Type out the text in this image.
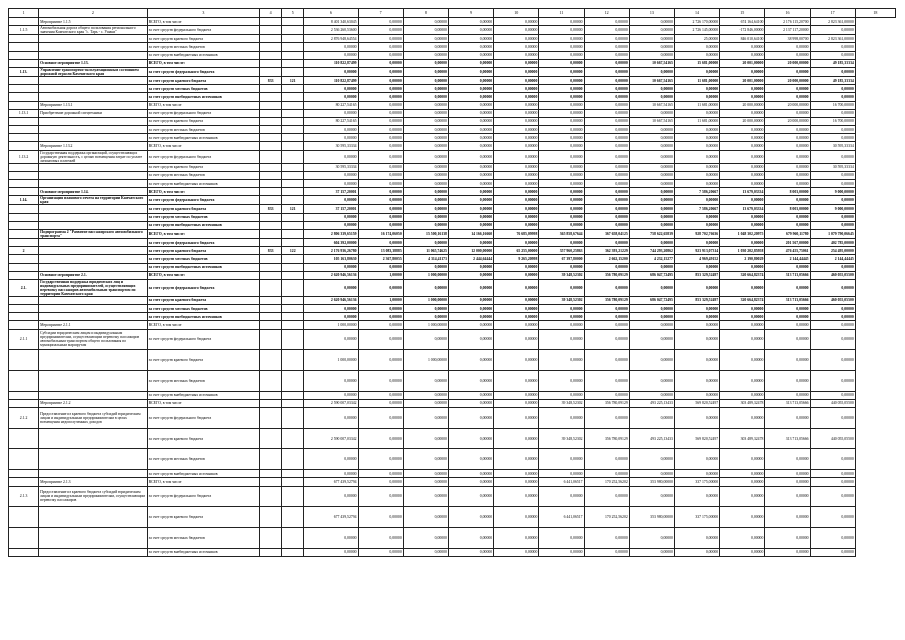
1	2	3	4	5	6	7	8	9	10	11	12	13	14	15	16	17	18
	Мероприятие 1.1.5	ВСЕГО, в том числе			8 401 340,63045	0,00000	0,00000	0,00000	0,00000	0,00000	0,00000	0,00000	2 726 170,00000	674 164,64100	2 176 115,20700	2 823 361,00000	
1.1.5	Автомобильная дорога общего пользования регионального значения Камчатского края "с. Тарь - с. Ушаки"	за счет средств федерального бюджета			2 536 260,53600	0,00000	0,00000	0,00000	0,00000	0,00000	0,00000	0,00000	2 726 145,00000	-172 846,00000	2 137 117,20000	0,00000	
		за счет средств краевого бюджета			2 876 948,64554	0,00000	0,00000	0,00000	0,00000	0,00000	0,00000	0,00000	25,00000	846 010,64100	38 998,00700	2 823 361,00000	
		за счет средств местных бюджетов			0,00000	0,00000	0,00000	0,00000	0,00000	0,00000	0,00000	0,00000	0,00000	0,00000	0,00000	0,00000	
		за счет средств внебюджетных источников			0,00000	0,00000	0,00000	0,00000	0,00000	0,00000	0,00000	0,00000	0,00000	0,00000	0,00000	0,00000	
	Основное мероприятие 1.13.	ВСЕГО, в том числе:			110 822,87499	0,00000	0,00000	0,00000	0,00000	0,00000	0,00000	10 667,54165	15 681,00000	20 001,00000	20 000,00000	49 185,33334	
1.13.	Управление транспортно-эксплуатационным состоянием дорожной отрасли Камчатского края	за счет средств федерального бюджета			0,00000	0,00000	0,00000	0,00000	0,00000	0,00000	0,00000	0,00000	0,00000	0,00000	0,00000	0,00000	
		за счет средств краевого бюджета	833	121	110 822,87499	0,00000	0,00000	0,00000	0,00000	0,00000	0,00000	10 667,54165	11 681,00000	20 001,00000	20 000,00000	49 185,33334	
		за счет средств местных бюджетов			0,00000	0,00000	0,00000	0,00000	0,00000	0,00000	0,00000	0,00000	0,00000	0,00000	0,00000	0,00000	
		за счет средств внебюджетных источников			0,00000	0,00000	0,00000	0,00000	0,00000	0,00000	0,00000	0,00000	0,00000	0,00000	0,00000	0,00000	
	Мероприятие 1.13.1	ВСЕГО, в том числе			80 227,54165	0,00000	0,00000	0,00000	0,00000	0,00000	0,00000	10 667,54165	11 681,00000	20 000,00000	20 000,00000	16 700,00000	
1.13.1	Приобретение дорожной спецтехники	за счет средств федерального бюджета			0,00000	0,00000	0,00000	0,00000	0,00000	0,00000	0,00000	0,00000	0,00000	0,00000	0,00000	0,00000	
		за счет средств краевого бюджета			80 227,54165	0,00000	0,00000	0,00000	0,00000	0,00000	0,00000	10 667,54165	11 681,00000	20 000,00000	20 000,00000	16 700,00000	
		за счет средств местных бюджетов			0,00000	0,00000	0,00000	0,00000	0,00000	0,00000	0,00000	0,00000	0,00000	0,00000	0,00000	0,00000	
		за счет средств внебюджетных источников			0,00000	0,00000	0,00000	0,00000	0,00000	0,00000	0,00000	0,00000	0,00000	0,00000	0,00000	0,00000	
	Мероприятие 1.13.2	ВСЕГО, в том числе			30 595,33334	0,00000	0,00000	0,00000	0,00000	0,00000	0,00000	0,00000	0,00000	0,00000	0,00000	30 595,33334	
1.13.2	Государственная поддержка организаций, осуществляющих дорожную деятельность, с целью возмещения затрат по уплате лизинговых платежей	за счет средств федерального бюджета			0,00000	0,00000	0,00000	0,00000	0,00000	0,00000	0,00000	0,00000	0,00000	0,00000	0,00000	0,00000	
		за счет средств краевого бюджета			30 595,33334	0,00000	0,00000	0,00000	0,00000	0,00000	0,00000	0,00000	0,00000	0,00000	0,00000	30 595,33334	
		за счет средств местных бюджетов			0,00000	0,00000	0,00000	0,00000	0,00000	0,00000	0,00000	0,00000	0,00000	0,00000	0,00000	0,00000	
		за счет средств внебюджетных источников			0,00000	0,00000	0,00000	0,00000	0,00000	0,00000	0,00000	0,00000	0,00000	0,00000	0,00000	0,00000	
	Основное мероприятие 1.14.	ВСЕГО, в том числе:			37 157,20001	0,00000	0,00000	0,00000	0,00000	0,00000	0,00000	0,00000	7 586,20667	13 679,03334	8 003,00000	9 000,00000	
1.14.	Организация планового отчета на территории Камчатского края	за счет средств федерального бюджета			0,00000	0,00000	0,00000	0,00000	0,00000	0,00000	0,00000	0,00000	0,00000	0,00000	0,00000	0,00000	
		за счет средств краевого бюджета	833	121	37 157,20001	0,00000	0,00000	0,00000	0,00000	0,00000	0,00000	0,00000	7 586,20667	13 679,03334	8 003,00000	9 000,00000	
		за счет средств местных бюджетов			0,00000	0,00000	0,00000	0,00000	0,00000	0,00000	0,00000	0,00000	0,00000	0,00000	0,00000	0,00000	
		за счет средств внебюджетных источников			0,00000	0,00000	0,00000	0,00000	0,00000	0,00000	0,00000	0,00000	0,00000	0,00000	0,00000	0,00000	
	Подпрограмма 2 "Развитие пассажирского автомобильного транспорта"	ВСЕГО, в том числе:			2 806 339,65159	16 174,06050	15 500,16138	14 166,16660	76 685,09998	365 858,67644	367 658,04125	758 622,65839	928 702,76636	1 048 302,20975	679 960,11780	1 079 790,06645	
		за счет средств федерального бюджета			604 392,00000	0,00000	0,00000	0,00000	0,00000	0,00000	0,00000	0,00000	0,00000	0,00000	201 567,00000	402 785,00000	
2		за счет средств краевого бюджета	833	122	2 176 936,26780	13 083,38885	11 065,74625	12 000,00000	65 255,00000	357 960,25863	362 393,21229	744 293,20862	923 913,07314	1 030 202,85958	476 455,75061	254 495,00000	
		за счет средств местных бюджетов			105 163,80630	2 367,80055	4 314,41173	2 444,64444	9 265,20998	67 397,80000	2 662,15200	4 232,15277	4 969,49152	2 190,80029	2 144,44445	2 144,44445	
		за счет средств внебюджетных источников			0,00000	0,00000	0,00000	0,00000	0,00000	0,00000	0,00000	0,00000	0,00000	0,00000	0,00000	0,00000	
	Основное мероприятие 2.1.	ВСЕГО, в том числе:			2 620 946,56136	1,00000	1 000,00000	0,00000	0,00000	39 348,52302	356 780,09129	686 047,72495	853 329,52497	320 664,82374	313 713,05666	460 055,05500	
2.1.	Государственная поддержка юридических лиц и индивидуальных предпринимателей, осуществляющих перевозку пассажиров автомобильным транспортом по территории Камчатского края	за счет средств федерального бюджета			0,00000	0,00000	0,00000	0,00000	0,00000	0,00000	0,00000	0,00000	0,00000	0,00000	0,00000	0,00000	
		за счет средств краевого бюджета			2 620 946,56136	1,00000	1 000,00000	0,00000	0,00000	39 348,52302	356 780,09129	686 047,72495	853 329,52497	320 664,82374	313 713,05666	460 055,05500	
		за счет средств местных бюджетов			0,00000	0,00000	0,00000	0,00000	0,00000	0,00000	0,00000	0,00000	0,00000	0,00000	0,00000	0,00000	
		за счет средств внебюджетных источников			0,00000	0,00000	0,00000	0,00000	0,00000	0,00000	0,00000	0,00000	0,00000	0,00000	0,00000	0,00000	
	Мероприятие 2.1.1	ВСЕГО, в том числе			1 000,00000	0,00000	1 000,00000	0,00000	0,00000	0,00000	0,00000	0,00000	0,00000	0,00000	0,00000	0,00000	
2.1.1	Субсидии юридическим лицам и индивидуальным предпринимателям, осуществляющим перевозку пассажиров автомобильным транспортом общего пользования по муниципальным маршрутам	за счет средств федерального бюджета			0,00000	0,00000	0,00000	0,00000	0,00000	0,00000	0,00000	0,00000	0,00000	0,00000	0,00000	0,00000	
		за счет средств краевого бюджета			1 000,00000	0,00000	1 000,00000	0,00000	0,00000	0,00000	0,00000	0,00000	0,00000	0,00000	0,00000	0,00000	
		за счет средств местных бюджетов			0,00000	0,00000	0,00000	0,00000	0,00000	0,00000	0,00000	0,00000	0,00000	0,00000	0,00000	0,00000	
		за счет средств внебюджетных источников			0,00000	0,00000	0,00000	0,00000	0,00000	0,00000	0,00000	0,00000	0,00000	0,00000	0,00000	0,00000	
	Мероприятие 2.1.2	ВСЕГО, в том числе			2 590 007,03342	0,00000	0,00000	0,00000	0,00000	39 348,52302	356 780,09129	493 225,13433	569 820,52497	303 489,32478	313 713,05666	440 055,05500	
2.1.2	Предоставление из краевого бюджета субсидий юридическим лицам и индивидуальным предпринимателям в целях возмещения недополученных доходов	за счет средств федерального бюджета			0,00000	0,00000	0,00000	0,00000	0,00000	0,00000	0,00000	0,00000	0,00000	0,00000	0,00000	0,00000	
		за счет средств краевого бюджета			2 590 007,03342	0,00000	0,00000	0,00000	0,00000	39 348,52302	356 780,09129	493 225,13433	569 820,52497	303 489,32478	313 713,05666	440 055,05500	
		за счет средств местных бюджетов			0,00000	0,00000	0,00000	0,00000	0,00000	0,00000	0,00000	0,00000	0,00000	0,00000	0,00000	0,00000	
		за счет средств внебюджетных источников			0,00000	0,00000	0,00000	0,00000	0,00000	0,00000	0,00000	0,00000	0,00000	0,00000	0,00000	0,00000	
	Мероприятие 2.1.3	ВСЕГО, в том числе			677 439,52794	0,00000	0,00000	0,00000	0,00000	6 441,06517	170 252,56202	353 980,00000	337 175,00000	0,00000	0,00000	0,00000	
2.1.3	Предоставление из краевого бюджета субсидий юридическим лицам и индивидуальным предпринимателям, осуществляющим перевозку пассажиров	за счет средств федерального бюджета			0,00000	0,00000	0,00000	0,00000	0,00000	0,00000	0,00000	0,00000	0,00000	0,00000	0,00000	0,00000	
		за счет средств краевого бюджета			677 439,52794	0,00000	0,00000	0,00000	0,00000	6 441,06517	170 252,56202	353 980,00000	337 175,00000	0,00000	0,00000	0,00000	
		за счет средств местных бюджетов			0,00000	0,00000	0,00000	0,00000	0,00000	0,00000	0,00000	0,00000	0,00000	0,00000	0,00000	0,00000	
		за счет средств внебюджетных источников			0,00000	0,00000	0,00000	0,00000	0,00000	0,00000	0,00000	0,00000	0,00000	0,00000	0,00000	0,00000	
